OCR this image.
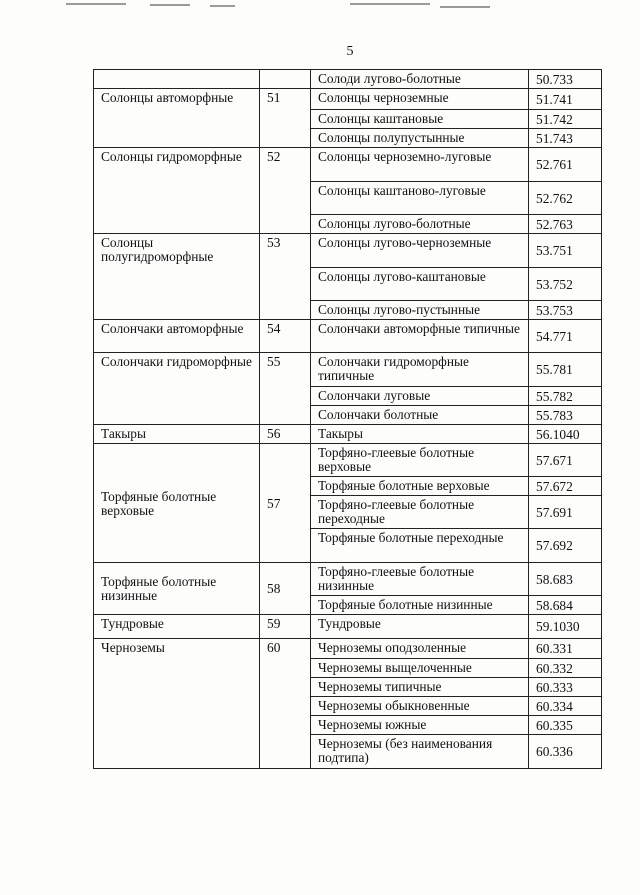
5
		Солоди лугово-болотные	50.733
Солонцы автоморфные	51	Солонцы черноземные	51.741
		Солонцы каштановые	51.742
		Солонцы полупустынные	51.743
Солонцы гидроморфные	52	Солонцы черноземно-луговые	52.761
		Солонцы каштаново-луговые	52.762
		Солонцы лугово-болотные	52.763
Солонцы полугидроморфные	53	Солонцы лугово-черноземные	53.751
		Солонцы лугово-каштановые	53.752
		Солонцы лугово-пустынные	53.753
Солончаки автоморфные	54	Солончаки автоморфные типичные	54.771
Солончаки гидроморфные	55	Солончаки гидроморфные типичные	55.781
		Солончаки луговые	55.782
		Солончаки болотные	55.783
Такыры	56	Такыры	56.1040
Торфяные болотные верховые	57	Торфяно-глеевые болотные верховые	57.671
		Торфяные болотные верховые	57.672
		Торфяно-глеевые болотные переходные	57.691
		Торфяные болотные переходные	57.692
Торфяные болотные низинные	58	Торфяно-глеевые болотные низинные	58.683
		Торфяные болотные низинные	58.684
Тундровые	59	Тундровые	59.1030
Черноземы	60	Черноземы оподзоленные	60.331
		Черноземы выщелоченные	60.332
		Черноземы типичные	60.333
		Черноземы обыкновенные	60.334
		Черноземы южные	60.335
		Черноземы (без наименования подтипа)	60.336
